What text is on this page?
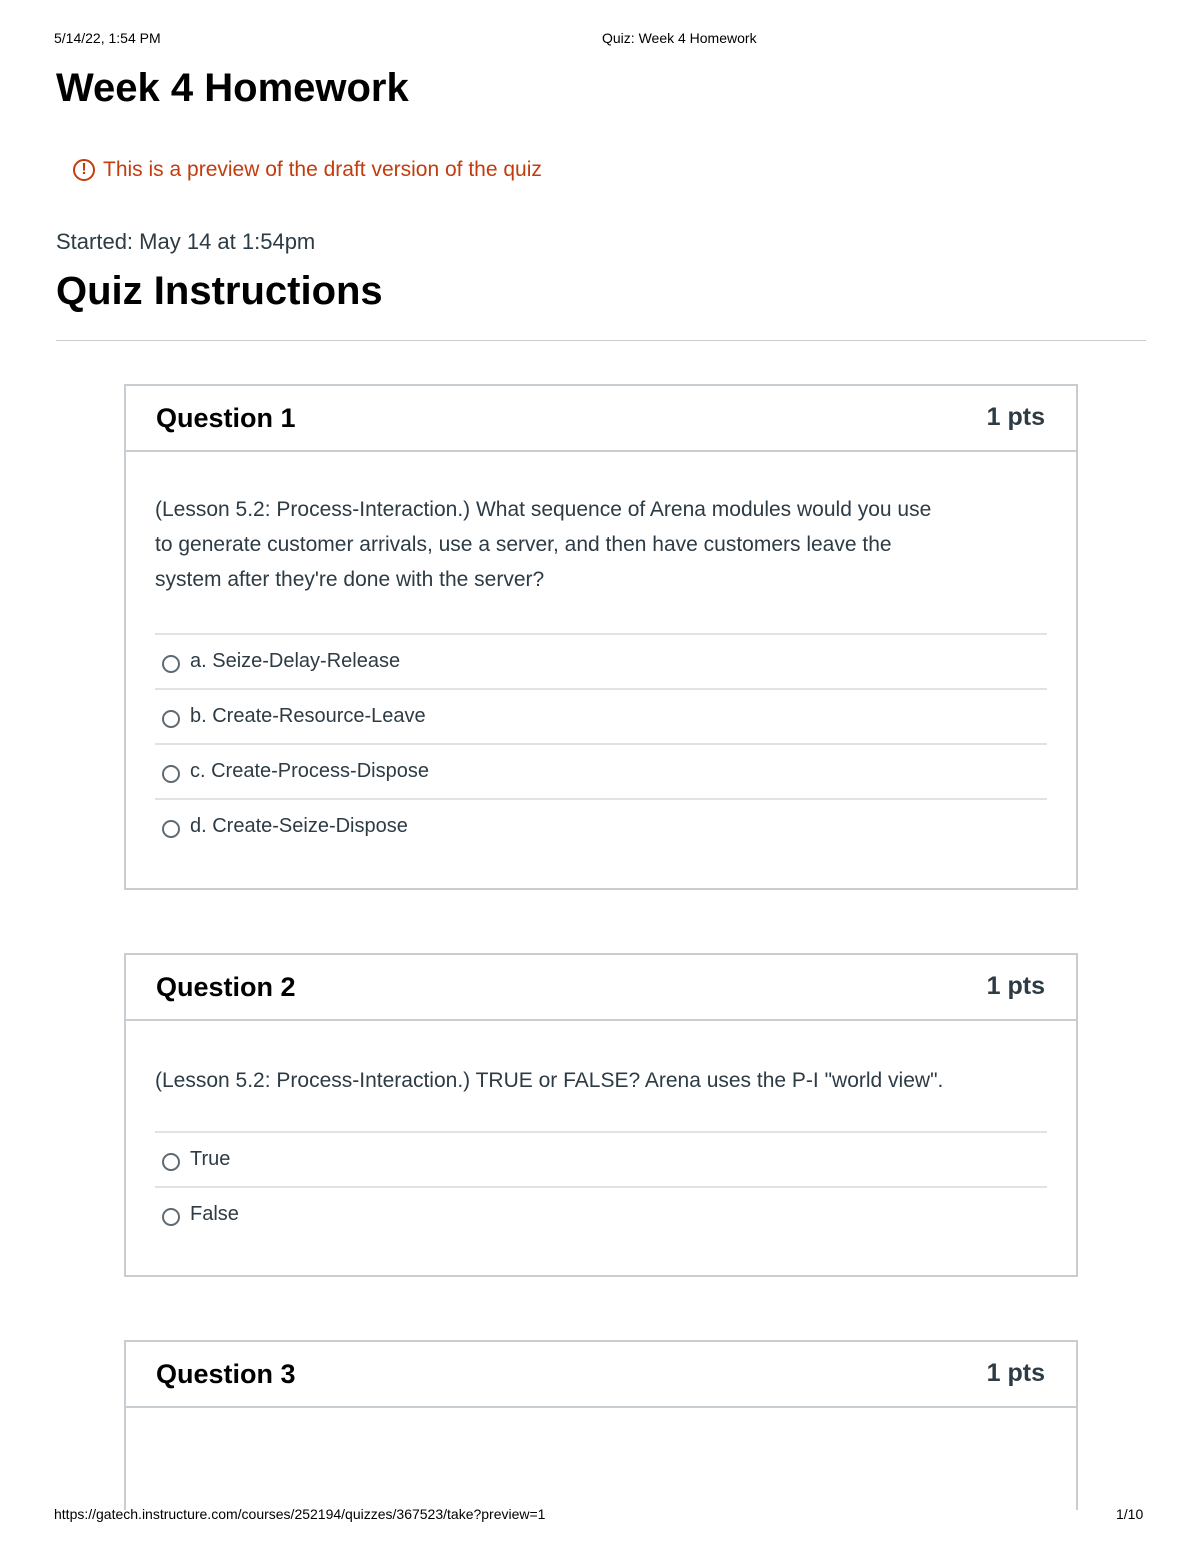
5/14/22, 1:54 PM	Quiz: Week 4 Homework
Week 4 Homework
! This is a preview of the draft version of the quiz
Started: May 14 at 1:54pm
Quiz Instructions
Question 1	1 pts

(Lesson 5.2: Process-Interaction.) What sequence of Arena modules would you use
to generate customer arrivals, use a server, and then have customers leave the
system after they're done with the server?

a. Seize-Delay-Release
b. Create-Resource-Leave
c. Create-Process-Dispose
d. Create-Seize-Dispose
Question 2	1 pts

(Lesson 5.2: Process-Interaction.) TRUE or FALSE? Arena uses the P-I "world view".

True
False
Question 3	1 pts
https://gatech.instructure.com/courses/252194/quizzes/367523/take?preview=1	1/10
